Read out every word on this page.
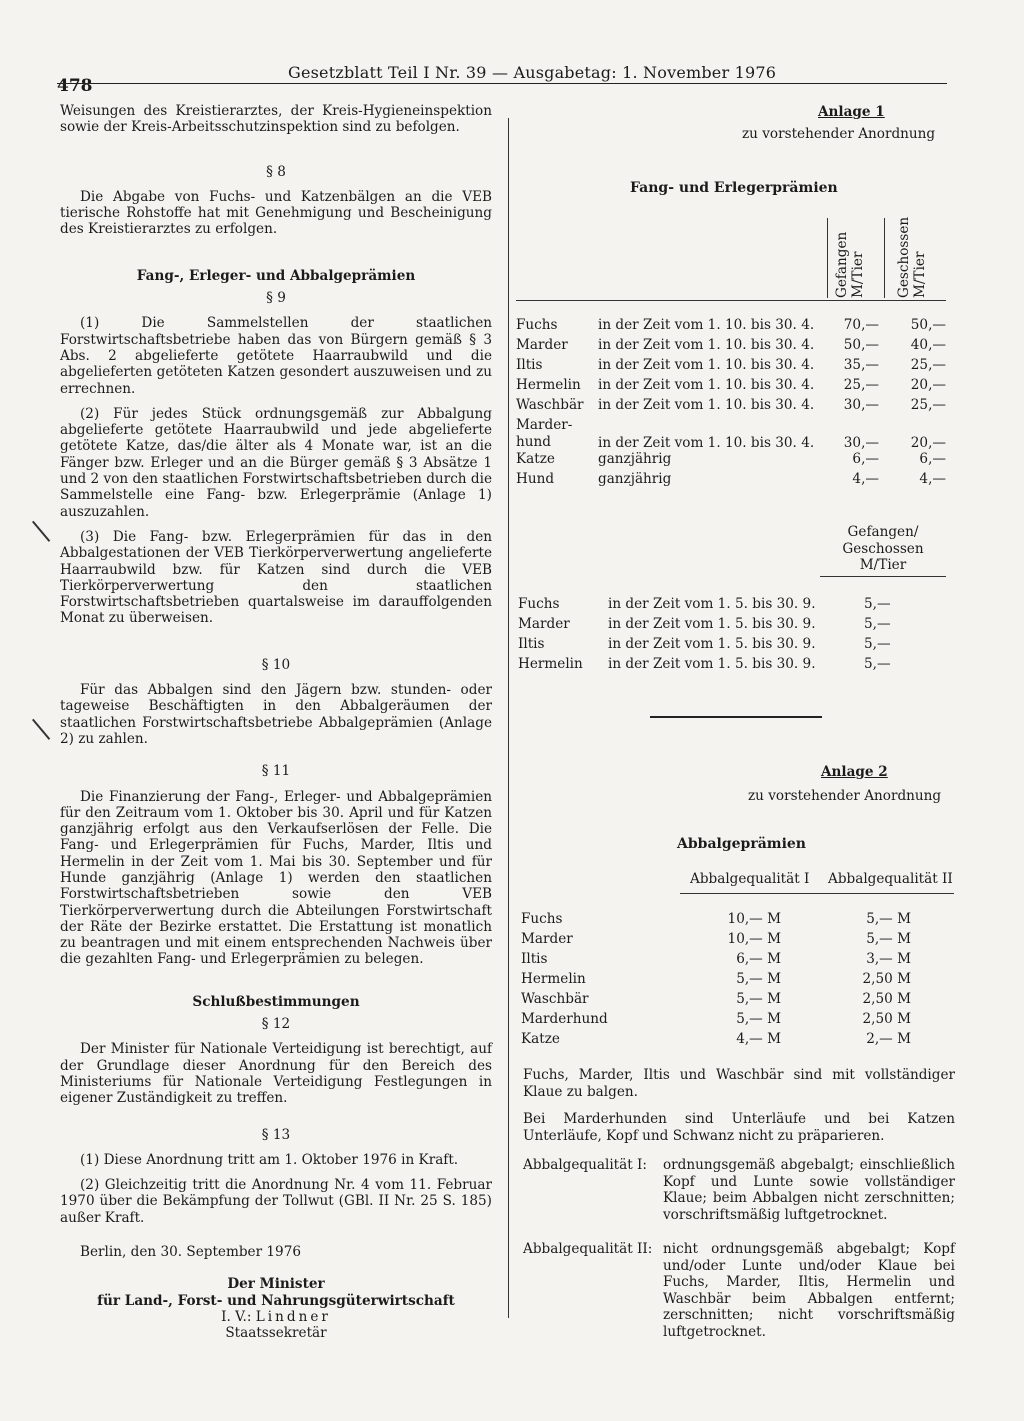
478
Gesetzblatt Teil I Nr. 39 — Ausgabetag: 1. November 1976

Weisungen des Kreistierarztes, der Kreis-Hygieneinspektion sowie der Kreis-Arbeitsschutzinspektion sind zu befolgen.

§ 8

Die Abgabe von Fuchs- und Katzenbälgen an die VEB tierische Rohstoffe hat mit Genehmigung und Bescheinigung des Kreistierarztes zu erfolgen.

Fang-, Erleger- und Abbalgeprämien
§ 9

(1) Die Sammelstellen der staatlichen Forstwirtschaftsbetriebe haben das von Bürgern gemäß § 3 Abs. 2 abgelieferte getötete Haarraubwild und die abgelieferten getöteten Katzen gesondert auszuweisen und zu errechnen.

(2) Für jedes Stück ordnungsgemäß zur Abbalgung abgelieferte getötete Haarraubwild und jede abgelieferte getötete Katze, das/die älter als 4 Monate war, ist an die Fänger bzw. Erleger und an die Bürger gemäß § 3 Absätze 1 und 2 von den staatlichen Forstwirtschaftsbetrieben durch die Sammelstelle eine Fang- bzw. Erlegerprämie (Anlage 1) auszuzahlen.

(3) Die Fang- bzw. Erlegerprämien für das in den Abbalgestationen der VEB Tierkörperverwertung angelieferte Haarraubwild bzw. für Katzen sind durch die VEB Tierkörperverwertung den staatlichen Forstwirtschaftsbetrieben quartalsweise im darauffolgenden Monat zu überweisen.

§ 10

Für das Abbalgen sind den Jägern bzw. stunden- oder tageweise Beschäftigten in den Abbalgeräumen der staatlichen Forstwirtschaftsbetriebe Abbalgeprämien (Anlage 2) zu zahlen.

§ 11

Die Finanzierung der Fang-, Erleger- und Abbalgeprämien für den Zeitraum vom 1. Oktober bis 30. April und für Katzen ganzjährig erfolgt aus den Verkaufserlösen der Felle. Die Fang- und Erlegerprämien für Fuchs, Marder, Iltis und Hermelin in der Zeit vom 1. Mai bis 30. September und für Hunde ganzjährig (Anlage 1) werden den staatlichen Forstwirtschaftsbetrieben sowie den VEB Tierkörperverwertung durch die Abteilungen Forstwirtschaft der Räte der Bezirke erstattet. Die Erstattung ist monatlich zu beantragen und mit einem entsprechenden Nachweis über die gezahlten Fang- und Erlegerprämien zu belegen.

Schlußbestimmungen
§ 12

Der Minister für Nationale Verteidigung ist berechtigt, auf der Grundlage dieser Anordnung für den Bereich des Ministeriums für Nationale Verteidigung Festlegungen in eigener Zuständigkeit zu treffen.

§ 13

(1) Diese Anordnung tritt am 1. Oktober 1976 in Kraft.

(2) Gleichzeitig tritt die Anordnung Nr. 4 vom 11. Februar 1970 über die Bekämpfung der Tollwut (GBl. II Nr. 25 S. 185) außer Kraft.

Berlin, den 30. September 1976

Der Minister
für Land-, Forst- und Nahrungsgüterwirtschaft
I. V.: Lindner
Staatssekretär
Anlage 1
zu vorstehender Anordnung
Fang- und Erlegerprämien
Gefangen M/Tier Geschossen M/Tier
Fuchs	in der Zeit vom 1. 10. bis 30. 4.	70,—	50,—
Marder	in der Zeit vom 1. 10. bis 30. 4.	50,—	40,—
Iltis	in der Zeit vom 1. 10. bis 30. 4.	35,—	25,—
Hermelin	in der Zeit vom 1. 10. bis 30. 4.	25,—	20,—
Waschbär	in der Zeit vom 1. 10. bis 30. 4.	30,—	25,—

Marder-
hund	in der Zeit vom 1. 10. bis 30. 4.	30,—	20,—
Katze	ganzjährig	6,—	6,—
Hund	ganzjährig	4,—	4,—
Gefangen/
Geschossen
M/Tier
Fuchs	in der Zeit vom 1. 5. bis 30. 9.	5,—
Marder	in der Zeit vom 1. 5. bis 30. 9.	5,—
Iltis	in der Zeit vom 1. 5. bis 30. 9.	5,—
Hermelin	in der Zeit vom 1. 5. bis 30. 9.	5,—
Anlage 2
zu vorstehender Anordnung
Abbalgeprämien
Abbalgequalität I Abbalgequalität II
Fuchs	10,— M	5,— M
Marder	10,— M	5,— M
Iltis	6,— M	3,— M
Hermelin	5,— M	2,50 M
Waschbär	5,— M	2,50 M
Marderhund	5,— M	2,50 M
Katze	4,— M	2,— M
Fuchs, Marder, Iltis und Waschbär sind mit vollständiger Klaue zu balgen.
Bei Marderhunden sind Unterläufe und bei Katzen Unterläufe, Kopf und Schwanz nicht zu präparieren.
Abbalgequalität I:	ordnungsgemäß abgebalgt; einschließlich Kopf und Lunte sowie vollständiger Klaue; beim Abbalgen nicht zerschnitten; vorschriftsmäßig luftgetrocknet.
Abbalgequalität II: nicht ordnungsgemäß abgebalgt; Kopf und/oder Lunte und/oder Klaue bei Fuchs, Marder, Iltis, Hermelin und Waschbär beim Abbalgen entfernt; zerschnitten; nicht vorschriftsmäßig luftgetrocknet.
